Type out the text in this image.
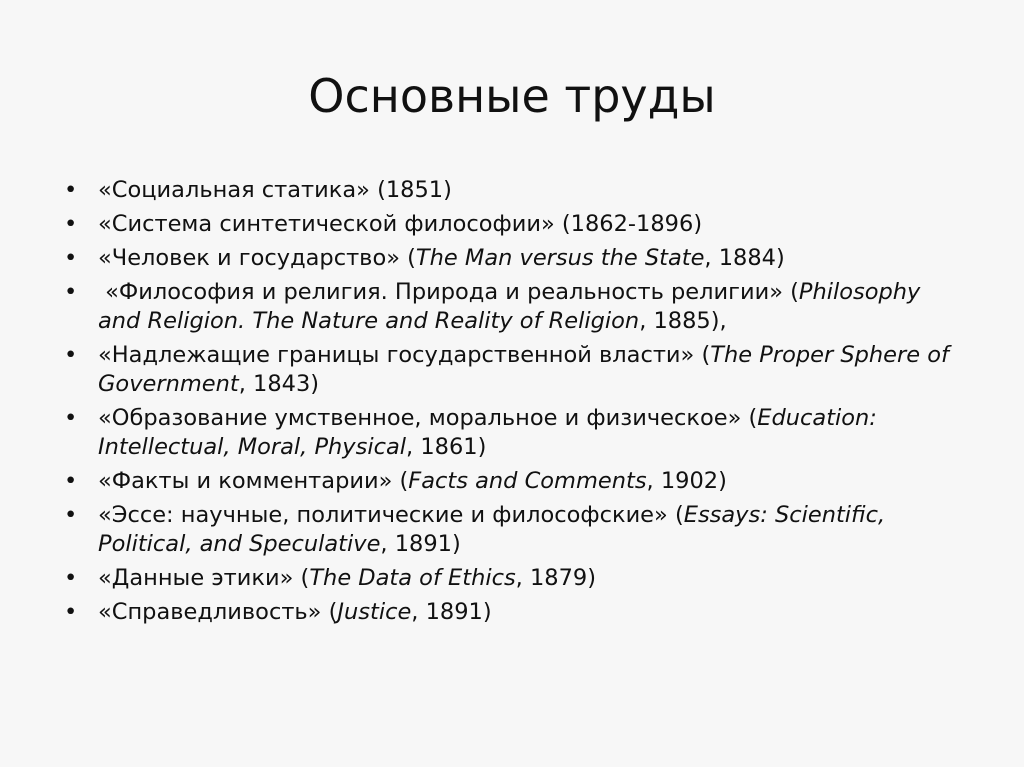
Основные труды
• «Социальная статика» (1851)
• «Система синтетической философии» (1862-1896)
• «Человек и государство» (The Man versus the State, 1884)
• «Философия и религия. Природа и реальность религии» (Philosophy and Religion. The Nature and Reality of Religion, 1885),
• «Надлежащие границы государственной власти» (The Proper Sphere of Government, 1843)
• «Образование умственное, моральное и физическое» (Education: Intellectual, Moral, Physical, 1861)
• «Факты и комментарии» (Facts and Comments, 1902)
• «Эссе: научные, политические и философские» (Essays: Scientific, Political, and Speculative, 1891)
• «Данные этики» (The Data of Ethics, 1879)
• «Справедливость» (Justice, 1891)
